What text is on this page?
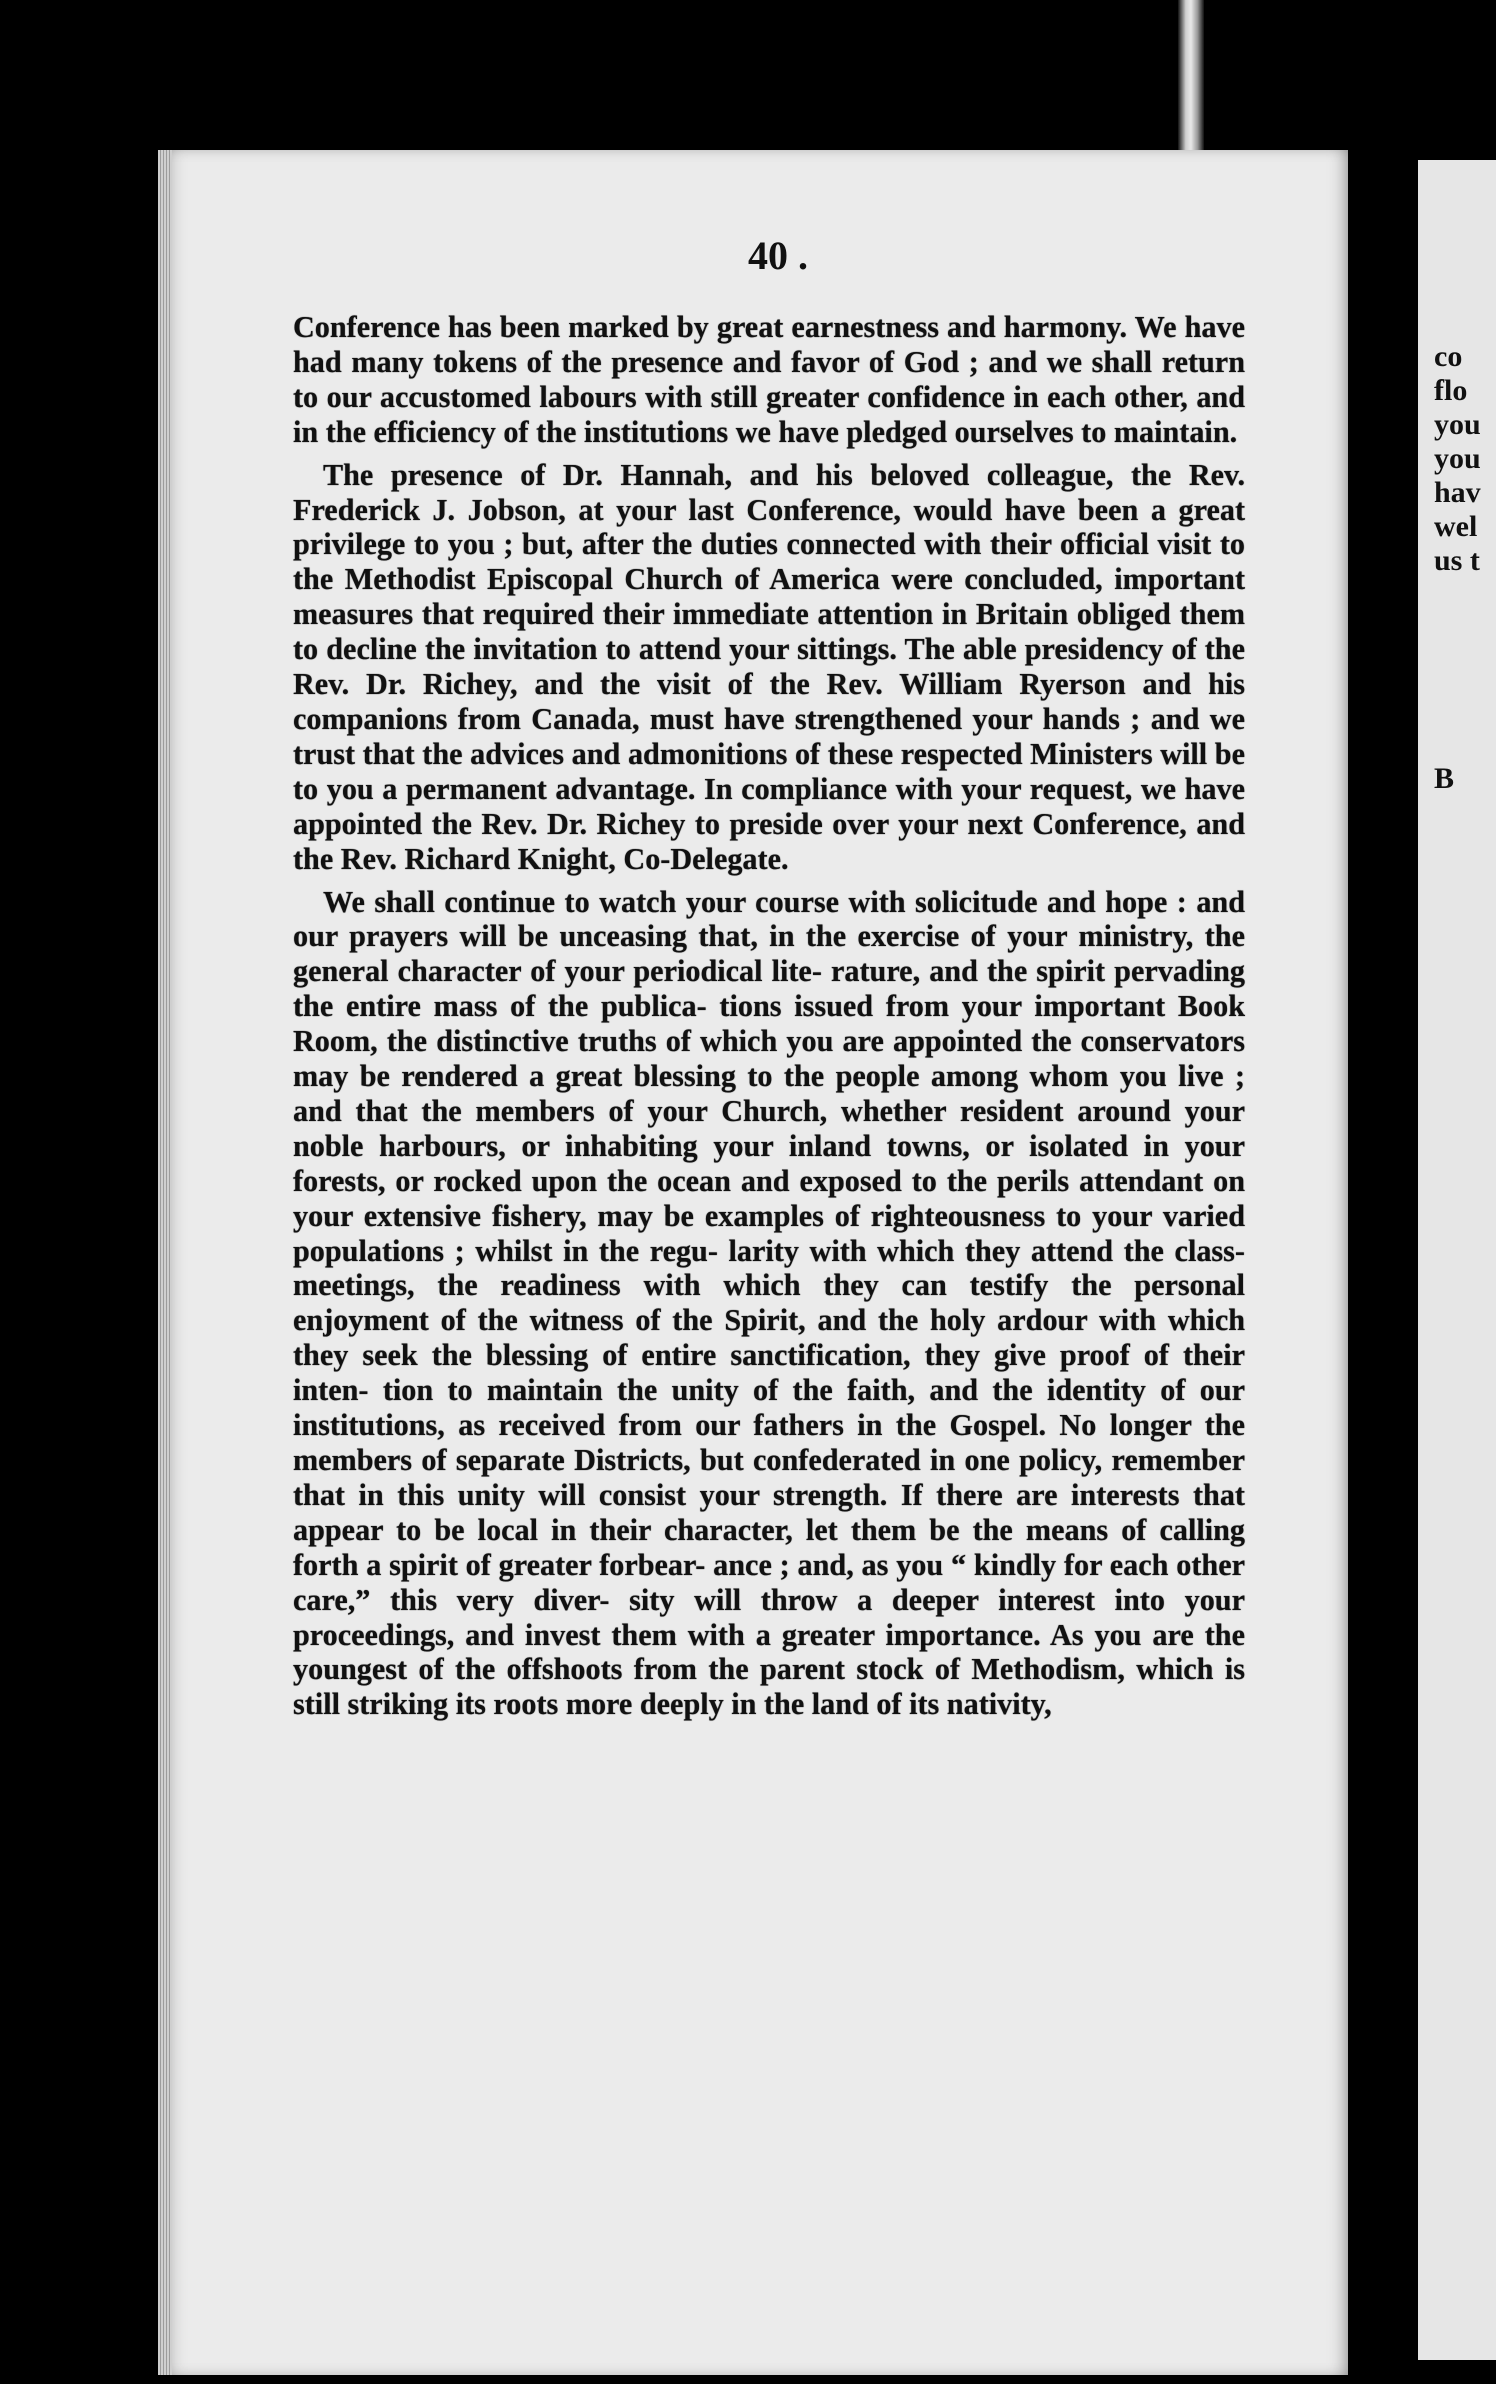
40 .

Conference has been marked by great earnestness and harmony. We have had many tokens of the presence and favor of God ; and we shall return to our accustomed labours with still greater confidence in each other, and in the efficiency of the institutions we have pledged ourselves to maintain.

The presence of Dr. Hannah, and his beloved colleague, the Rev. Frederick J. Jobson, at your last Conference, would have been a great privilege to you ; but, after the duties connected with their official visit to the Methodist Episcopal Church of America were concluded, important measures that required their immediate attention in Britain obliged them to decline the invitation to attend your sittings. The able presidency of the Rev. Dr. Richey, and the visit of the Rev. William Ryerson and his companions from Canada, must have strengthened your hands ; and we trust that the advices and admonitions of these respected Ministers will be to you a permanent advantage. In compliance with your request, we have appointed the Rev. Dr. Richey to preside over your next Conference, and the Rev. Richard Knight, Co-Delegate.

We shall continue to watch your course with solicitude and hope : and our prayers will be unceasing that, in the exercise of your ministry, the general character of your periodical lite- rature, and the spirit pervading the entire mass of the publica- tions issued from your important Book Room, the distinctive truths of which you are appointed the conservators may be rendered a great blessing to the people among whom you live ; and that the members of your Church, whether resident around your noble harbours, or inhabiting your inland towns, or isolated in your forests, or rocked upon the ocean and exposed to the perils attendant on your extensive fishery, may be examples of righteousness to your varied populations ; whilst in the regu- larity with which they attend the class-meetings, the readiness with which they can testify the personal enjoyment of the witness of the Spirit, and the holy ardour with which they seek the blessing of entire sanctification, they give proof of their inten- tion to maintain the unity of the faith, and the identity of our institutions, as received from our fathers in the Gospel. No longer the members of separate Districts, but confederated in one policy, remember that in this unity will consist your strength. If there are interests that appear to be local in their character, let them be the means of calling forth a spirit of greater forbear- ance ; and, as you “ kindly for each other care,” this very diver- sity will throw a deeper interest into your proceedings, and invest them with a greater importance. As you are the youngest of the offshoots from the parent stock of Methodism, which is still striking its roots more deeply in the land of its nativity,

co
flo
you
you
hav
wel
us t
B
